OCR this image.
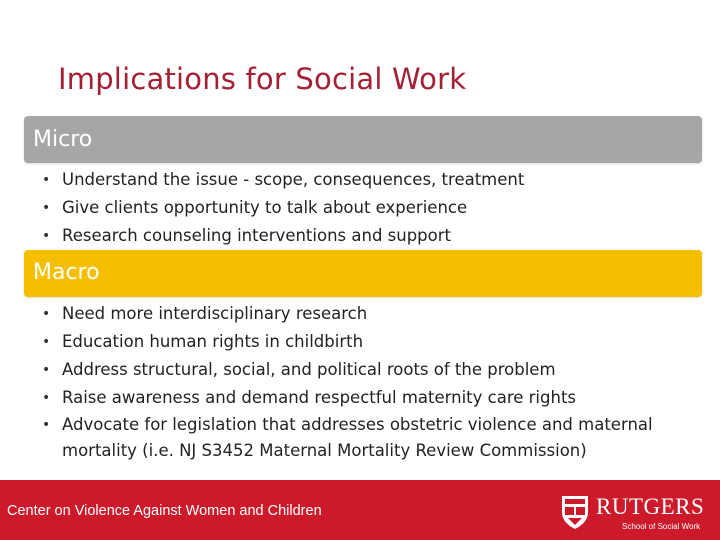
Implications for Social Work
Micro
• Understand the issue - scope, consequences, treatment
• Give clients opportunity to talk about experience
• Research counseling interventions and support
Macro
• Need more interdisciplinary research
• Education human rights in childbirth
• Address structural, social, and political roots of the problem
• Raise awareness and demand respectful maternity care rights
• Advocate for legislation that addresses obstetric violence and maternal mortality (i.e. NJ S3452 Maternal Mortality Review Commission)
Center on Violence Against Women and Children	RUTGERS
School of Social Work
